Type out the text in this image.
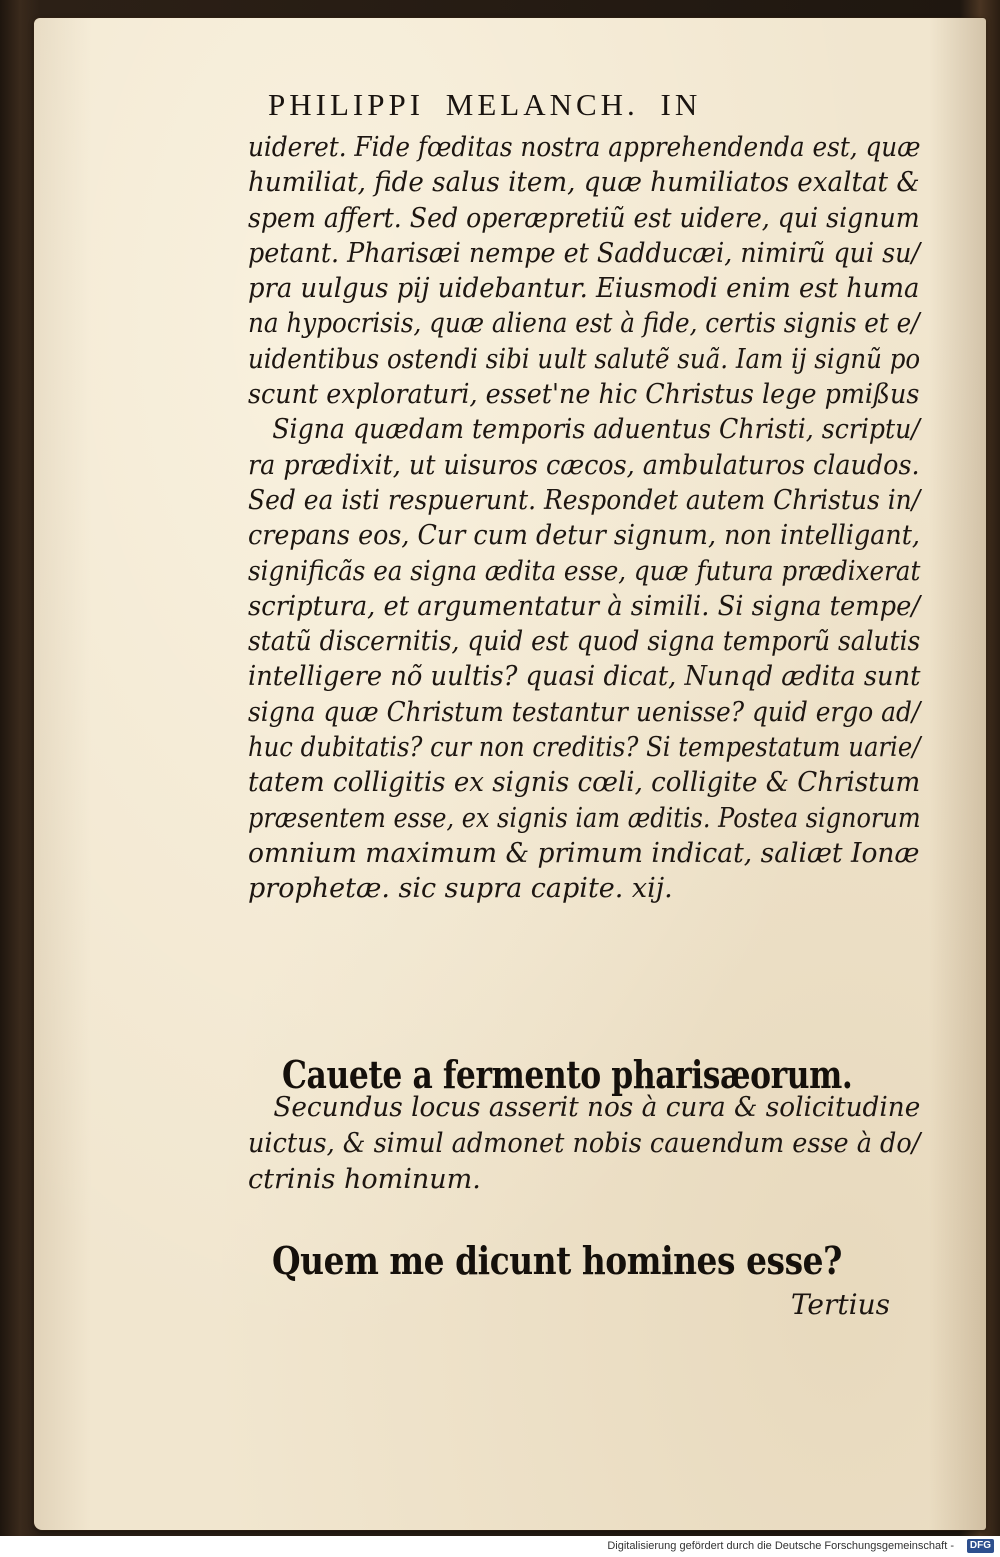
PHILIPPI MELANCH. IN
uideret. Fide fœditas nostra apprehendenda est, quæ
humiliat, fide salus item, quæ humiliatos exaltat &
spem affert. Sed operæpretiũ est uidere, qui signum
petant. Pharisæi nempe et Sadducæi, nimirũ qui su/
pra uulgus pij uidebantur. Eiusmodi enim est huma
na hypocrisis, quæ aliena est à fide, certis signis et e/
uidentibus ostendi sibi uult salutẽ suã. Iam ij signũ po
scunt exploraturi, esset'ne hic Christus lege pmißus
Signa quædam temporis aduentus Christi, scriptu/
ra prædixit, ut uisuros cæcos, ambulaturos claudos.
Sed ea isti respuerunt. Respondet autem Christus in/
crepans eos, Cur cum detur signum, non intelligant,
significãs ea signa ædita esse, quæ futura prædixerat
scriptura, et argumentatur à simili. Si signa tempe/
statũ discernitis, quid est quod signa temporũ salutis
intelligere nõ uultis? quasi dicat, Nunqd ædita sunt
signa quæ Christum testantur uenisse? quid ergo ad/
huc dubitatis? cur non creditis? Si tempestatum uarie/
tatem colligitis ex signis cœli, colligite & Christum
præsentem esse, ex signis iam æditis. Postea signorum
omnium maximum & primum indicat, saliæt Ionæ
prophetæ. sic supra capite. xij.
Cauete a fermento pharisæorum.
Secundus locus asserit nos à cura & solicitudine
uictus, & simul admonet nobis cauendum esse à do/
ctrinis hominum.
Quem me dicunt homines esse?
Tertius
Digitalisierung gefördert durch die Deutsche Forschungsgemeinschaft -	DFG
